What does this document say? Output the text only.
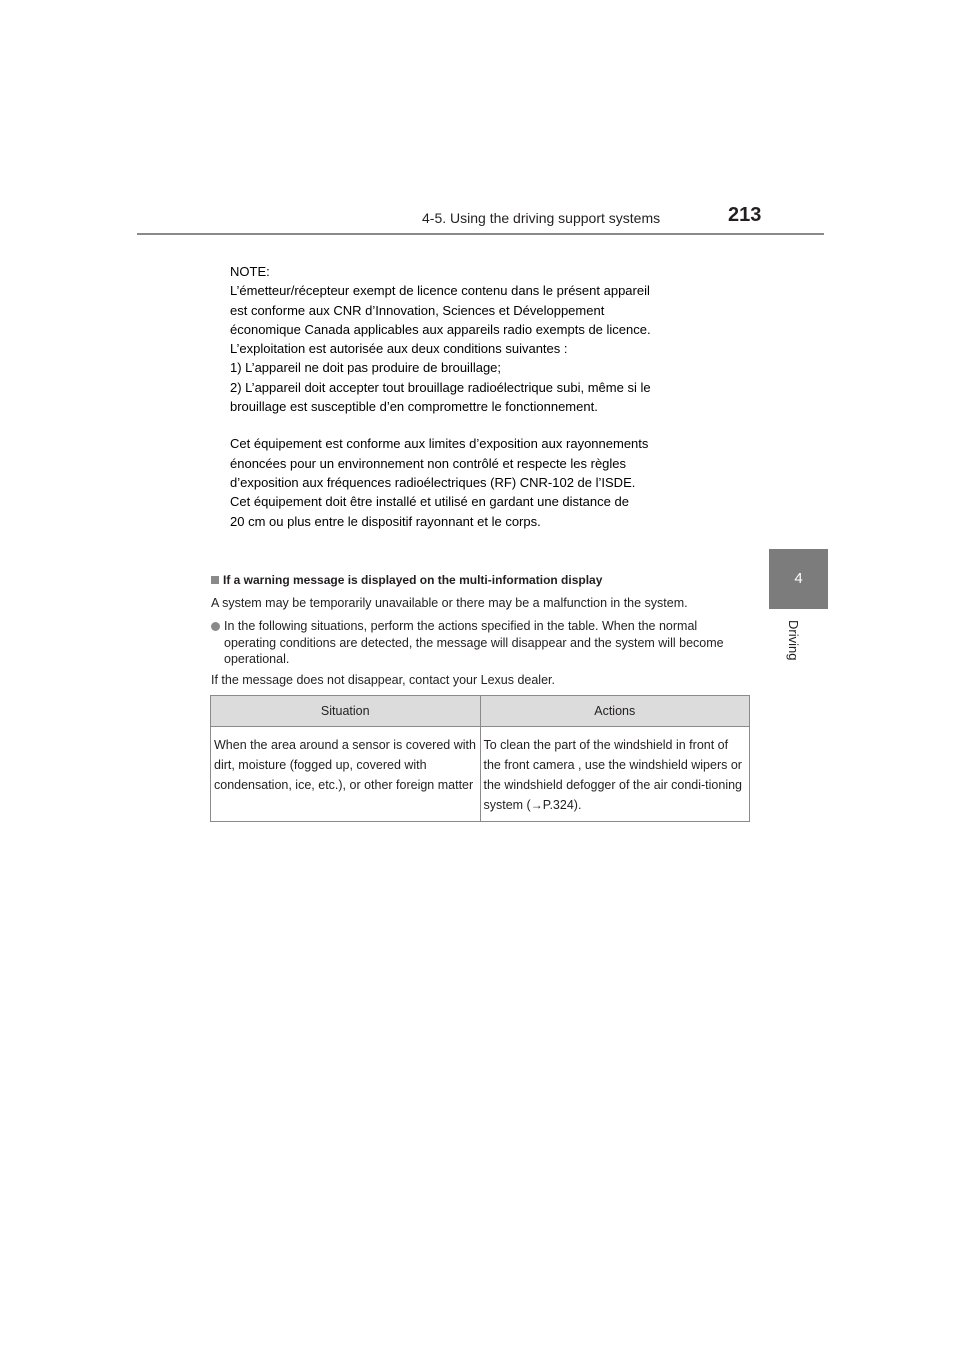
4-5. Using the driving support systems	213
4
Driving

NOTE:

L’émetteur/récepteur exempt de licence contenu dans le présent appareil

est conforme aux CNR d’Innovation, Sciences et Développement

économique Canada applicables aux appareils radio exempts de licence.

L’exploitation est autorisée aux deux conditions suivantes :

1) L’appareil ne doit pas produire de brouillage;

2) L’appareil doit accepter tout brouillage radioélectrique subi, même si le

brouillage est susceptible d’en compromettre le fonctionnement.

Cet équipement est conforme aux limites d’exposition aux rayonnements

énoncées pour un environnement non contrôlé et respecte les règles

d’exposition aux fréquences radioélectriques (RF) CNR-102 de l’ISDE.

Cet équipement doit être installé et utilisé en gardant une distance de

20 cm ou plus entre le dispositif rayonnant et le corps.

If a warning message is displayed on the multi-information display
A system may be temporarily unavailable or there may be a malfunction in the system.
In the following situations, perform the actions specified in the table. When the normal operating conditions are detected, the message will disappear and the system will become operational.
If the message does not disappear, contact your Lexus dealer.
Situation	Actions
When the area around a sensor is covered with dirt, moisture (fogged up, covered with condensation, ice, etc.), or other foreign matter	To clean the part of the windshield in front of the front camera , use the windshield wipers or the windshield defogger of the air condi-tioning system (→P.324).
